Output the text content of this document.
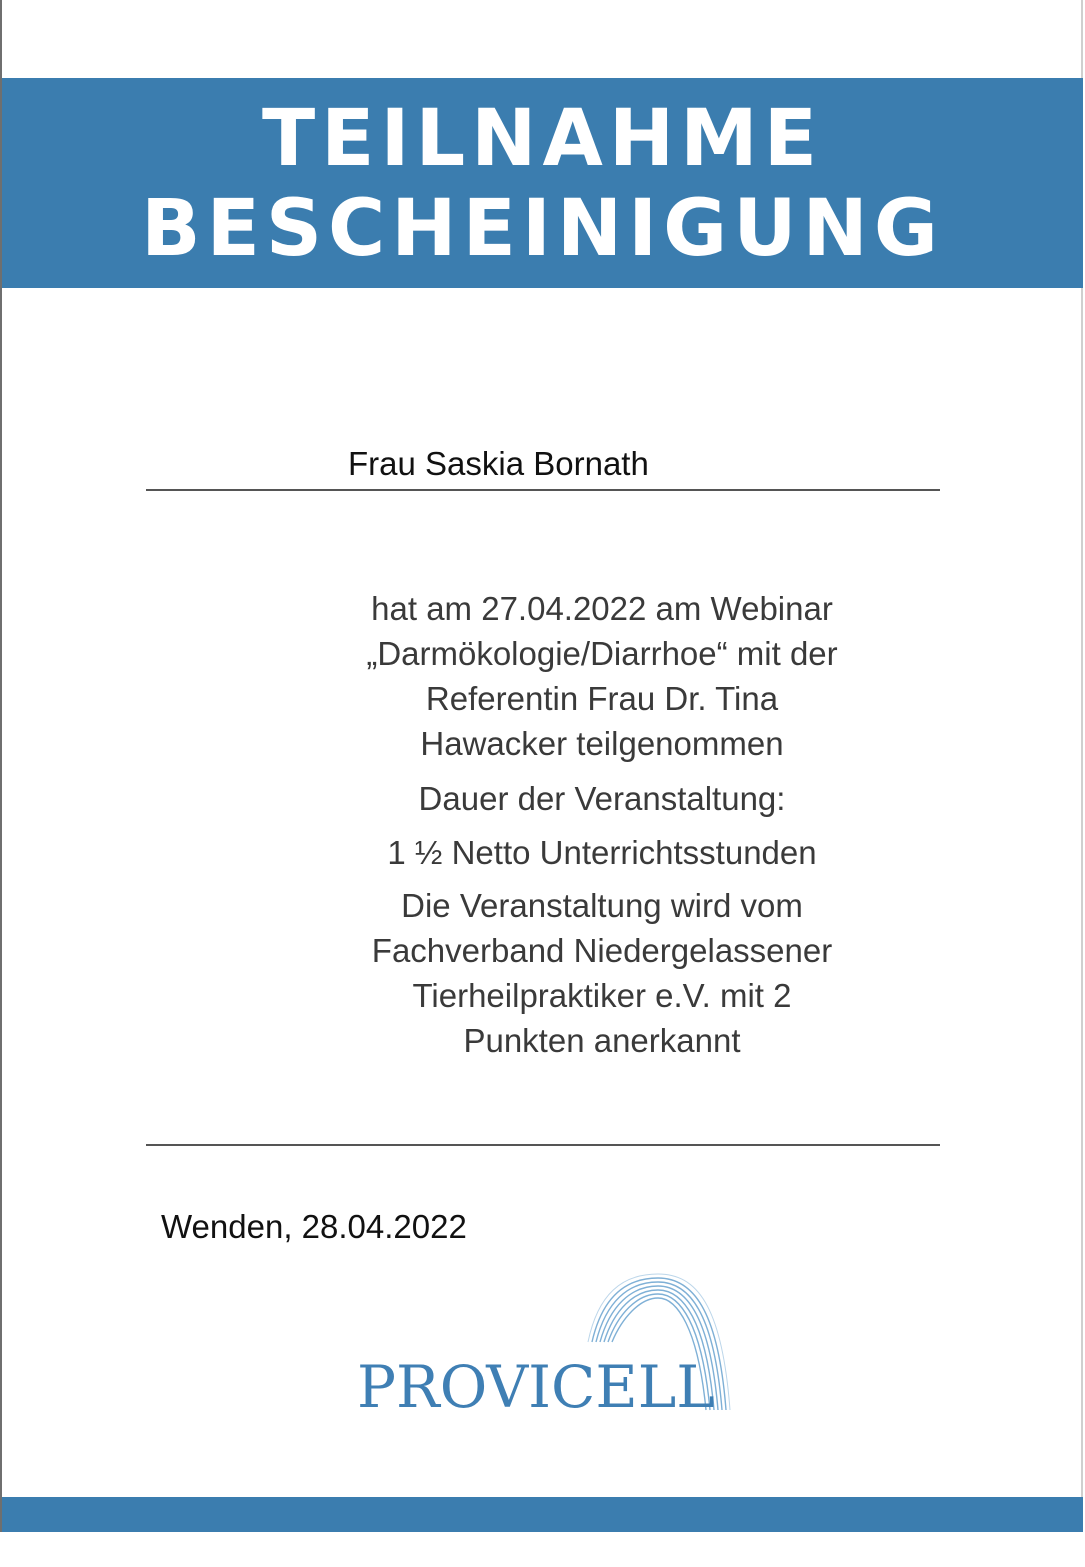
TEILNAHME
BESCHEINIGUNG
Frau Saskia Bornath

hat am 27.04.2022 am Webinar
„Darmökologie/Diarrhoe“ mit der
Referentin Frau Dr. Tina
Hawacker teilgenommen

Dauer der Veranstaltung:

1 ½ Netto Unterrichtsstunden

Die Veranstaltung wird vom
Fachverband Niedergelassener
Tierheilpraktiker e.V. mit 2
Punkten anerkannt

Wenden, 28.04.2022
PROVICELL
